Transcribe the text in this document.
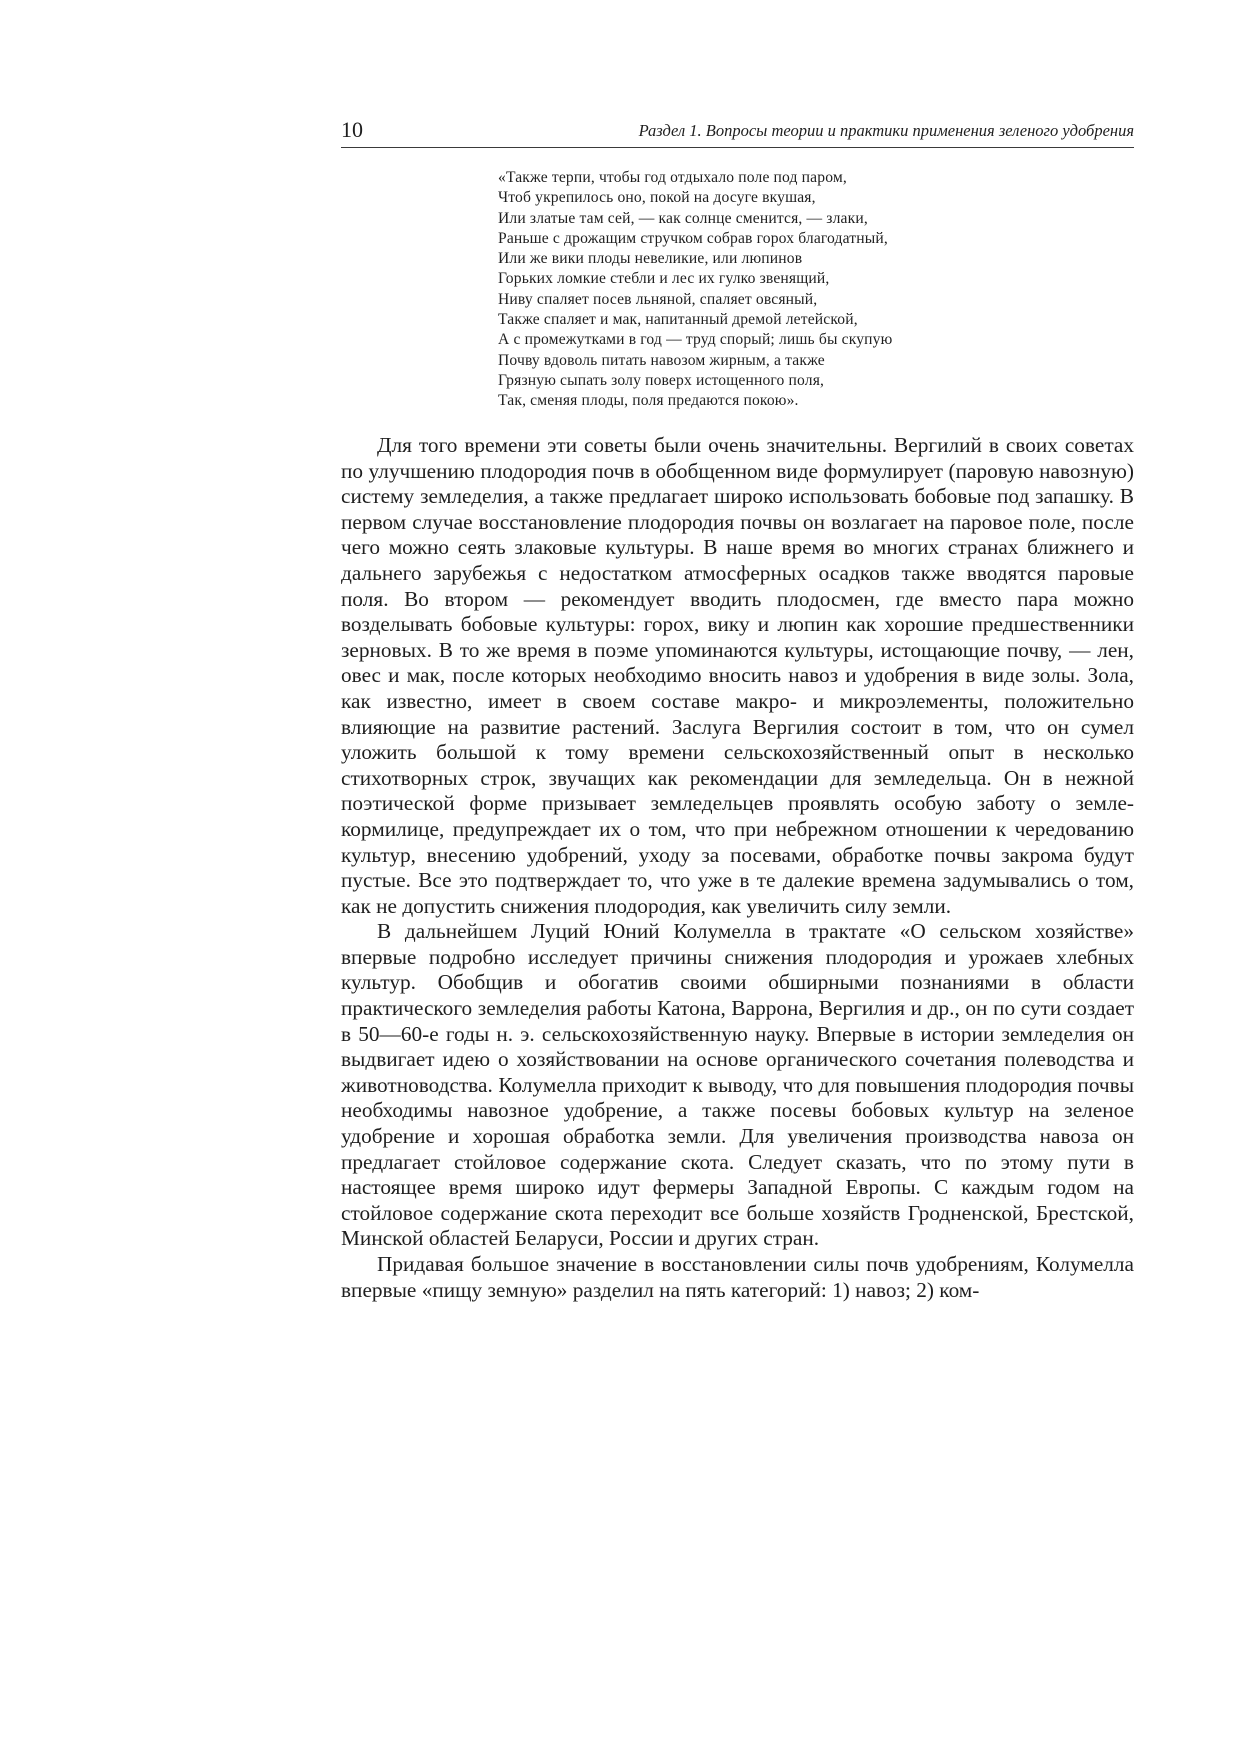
10	Раздел 1. Вопросы теории и практики применения зеленого удобрения
«Также терпи, чтобы год отдыхало поле под паром,
Чтоб укрепилось оно, покой на досуге вкушая,
Или златые там сей, — как солнце сменится, — злаки,
Раньше с дрожащим стручком собрав горох благодатный,
Или же вики плоды невеликие, или люпинов
Горьких ломкие стебли и лес их гулко звенящий,
Ниву спаляет посев льняной, спаляет овсяный,
Также спаляет и мак, напитанный дремой летейской,
А с промежутками в год — труд спорый; лишь бы скупую
Почву вдоволь питать навозом жирным, а также
Грязную сыпать золу поверх истощенного поля,
Так, сменяя плоды, поля предаются покою».

Для того времени эти советы были очень значительны. Вергилий в своих советах по улучшению плодородия почв в обобщенном виде формулирует (паровую навозную) систему земледелия, а также предлагает широко использовать бобовые под запашку. В первом случае восстановление плодородия почвы он возлагает на паровое поле, после чего можно сеять злаковые культуры. В наше время во многих странах ближнего и дальнего зарубежья с недостатком атмосферных осадков также вводятся паровые поля. Во втором — рекомендует вводить плодосмен, где вместо пара можно возделывать бобовые культуры: горох, вику и люпин как хорошие предшественники зерновых. В то же время в поэме упоминаются культуры, истощающие почву, — лен, овес и мак, после которых необходимо вносить навоз и удобрения в виде золы. Зола, как известно, имеет в своем составе макро- и микроэлементы, положительно влияющие на развитие растений. Заслуга Вергилия состоит в том, что он сумел уложить большой к тому времени сельскохозяйственный опыт в несколько стихотворных строк, звучащих как рекомендации для земледельца. Он в нежной поэтической форме призывает земледельцев проявлять особую заботу о земле-кормилице, предупреждает их о том, что при небрежном отношении к чередованию культур, внесению удобрений, уходу за посевами, обработке почвы закрома будут пустые. Все это подтверждает то, что уже в те далекие времена задумывались о том, как не допустить снижения плодородия, как увеличить силу земли.

В дальнейшем Луций Юний Колумелла в трактате «О сельском хозяйстве» впервые подробно исследует причины снижения плодородия и урожаев хлебных культур. Обобщив и обогатив своими обширными познаниями в области практического земледелия работы Катона, Варрона, Вергилия и др., он по сути создает в 50—60-е годы н. э. сельскохозяйственную науку. Впервые в истории земледелия он выдвигает идею о хозяйствовании на основе органического сочетания полеводства и животноводства. Колумелла приходит к выводу, что для повышения плодородия почвы необходимы навозное удобрение, а также посевы бобовых культур на зеленое удобрение и хорошая обработка земли. Для увеличения производства навоза он предлагает стойловое содержание скота. Следует сказать, что по этому пути в настоящее время широко идут фермеры Западной Европы. С каждым годом на стойловое содержание скота переходит все больше хозяйств Гродненской, Брестской, Минской областей Беларуси, России и других стран.

Придавая большое значение в восстановлении силы почв удобрениям, Колумелла впервые «пищу земную» разделил на пять категорий: 1) навоз; 2) ком-
